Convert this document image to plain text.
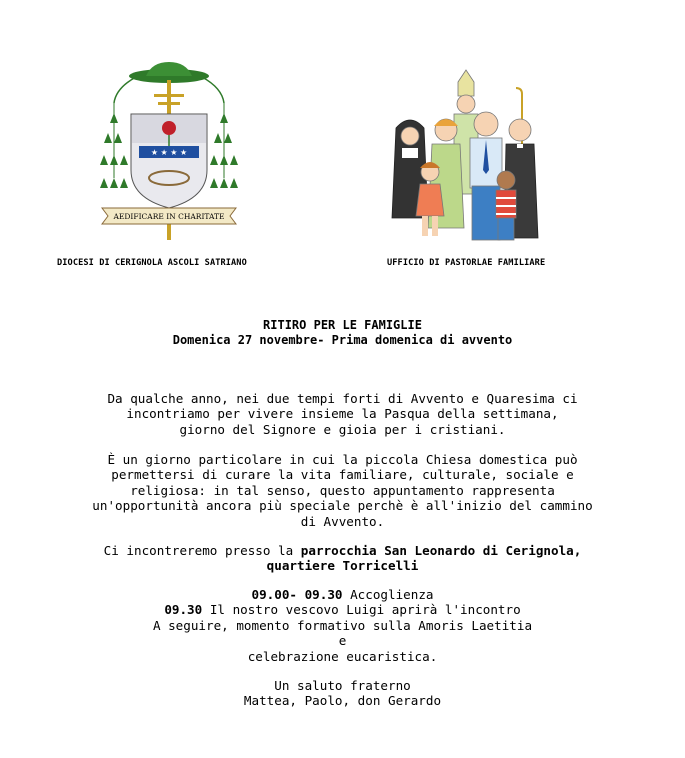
★ ★ ★ ★
AEDIFICARE IN CHARITATE
DIOCESI DI CERIGNOLA ASCOLI SATRIANO	UFFICIO DI PASTORLAE FAMILIARE
RITIRO PER LE FAMIGLIE
Domenica 27 novembre- Prima domenica di avvento
Da qualche anno, nei due tempi forti di Avvento e Quaresima ci
incontriamo per vivere insieme la Pasqua della settimana,
giorno del Signore e gioia per i cristiani.
È un giorno particolare in cui la piccola Chiesa domestica può
permettersi di curare la vita familiare, culturale, sociale e
religiosa: in tal senso, questo appuntamento rappresenta
un'opportunità ancora più speciale perchè è all'inizio del cammino
di Avvento.
Ci incontreremo presso la parrocchia San Leonardo di Cerignola,
quartiere Torricelli
09.00- 09.30 Accoglienza
09.30 Il nostro vescovo Luigi aprirà l'incontro
A seguire, momento formativo sulla Amoris Laetitia
e
celebrazione eucaristica.
Un saluto fraterno
Mattea, Paolo, don Gerardo
